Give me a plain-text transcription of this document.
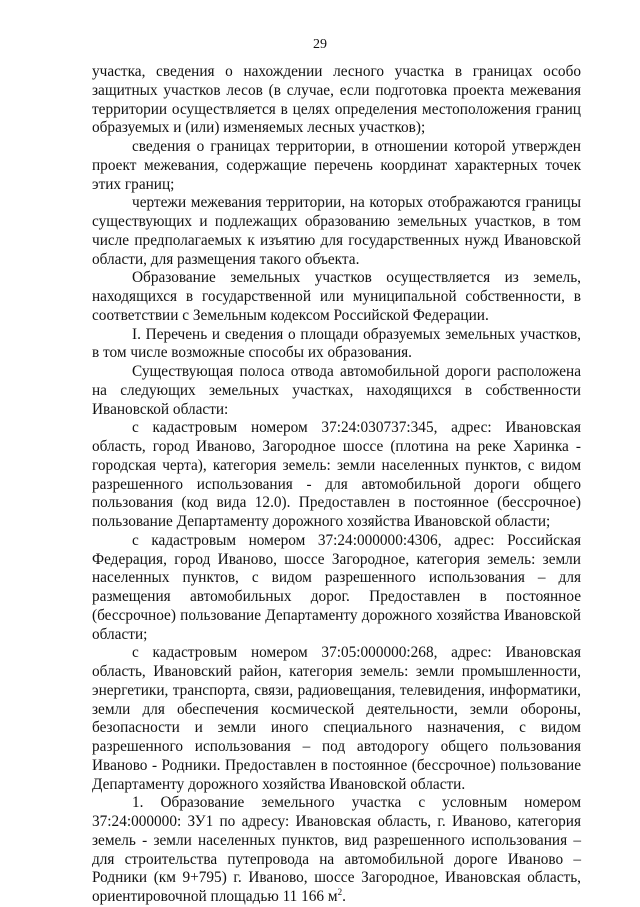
29

участка, сведения о нахождении лесного участка в границах особо защитных участков лесов (в случае, если подготовка проекта межевания территории осуществляется в целях определения местоположения границ образуемых и (или) изменяемых лесных участков);

сведения о границах территории, в отношении которой утвержден проект межевания, содержащие перечень координат характерных точек этих границ;

чертежи межевания территории, на которых отображаются границы существующих и подлежащих образованию земельных участков, в том числе предполагаемых к изъятию для государственных нужд Ивановской области, для размещения такого объекта.

Образование земельных участков осуществляется из земель, находящихся в государственной или муниципальной собственности, в соответствии с Земельным кодексом Российской Федерации.

I. Перечень и сведения о площади образуемых земельных участков, в том числе возможные способы их образования.

Существующая полоса отвода автомобильной дороги расположена на следующих земельных участках, находящихся в собственности Ивановской области:

с кадастровым номером 37:24:030737:345, адрес: Ивановская область, город Иваново, Загородное шоссе (плотина на реке Харинка - городская черта), категория земель: земли населенных пунктов, с видом разрешенного использования - для автомобильной дороги общего пользования (код вида 12.0). Предоставлен в постоянное (бессрочное) пользование Департаменту дорожного хозяйства Ивановской области;

с кадастровым номером 37:24:000000:4306, адрес: Российская Федерация, город Иваново, шоссе Загородное, категория земель: земли населенных пунктов, с видом разрешенного использования – для размещения автомобильных дорог. Предоставлен в постоянное (бессрочное) пользование Департаменту дорожного хозяйства Ивановской области;

с кадастровым номером 37:05:000000:268, адрес: Ивановская область, Ивановский район, категория земель: земли промышленности, энергетики, транспорта, связи, радиовещания, телевидения, информатики, земли для обеспечения космической деятельности, земли обороны, безопасности и земли иного специального назначения, с видом разрешенного использования – под автодорогу общего пользования Иваново - Родники. Предоставлен в постоянное (бессрочное) пользование Департаменту дорожного хозяйства Ивановской области.

1. Образование земельного участка с условным номером 37:24:000000: ЗУ1 по адресу: Ивановская область, г. Иваново, категория земель - земли населенных пунктов, вид разрешенного использования – для строительства путепровода на автомобильной дороге Иваново – Родники (км 9+795) г. Иваново, шоссе Загородное, Ивановская область, ориентировочной площадью 11 166 $м^2$.
